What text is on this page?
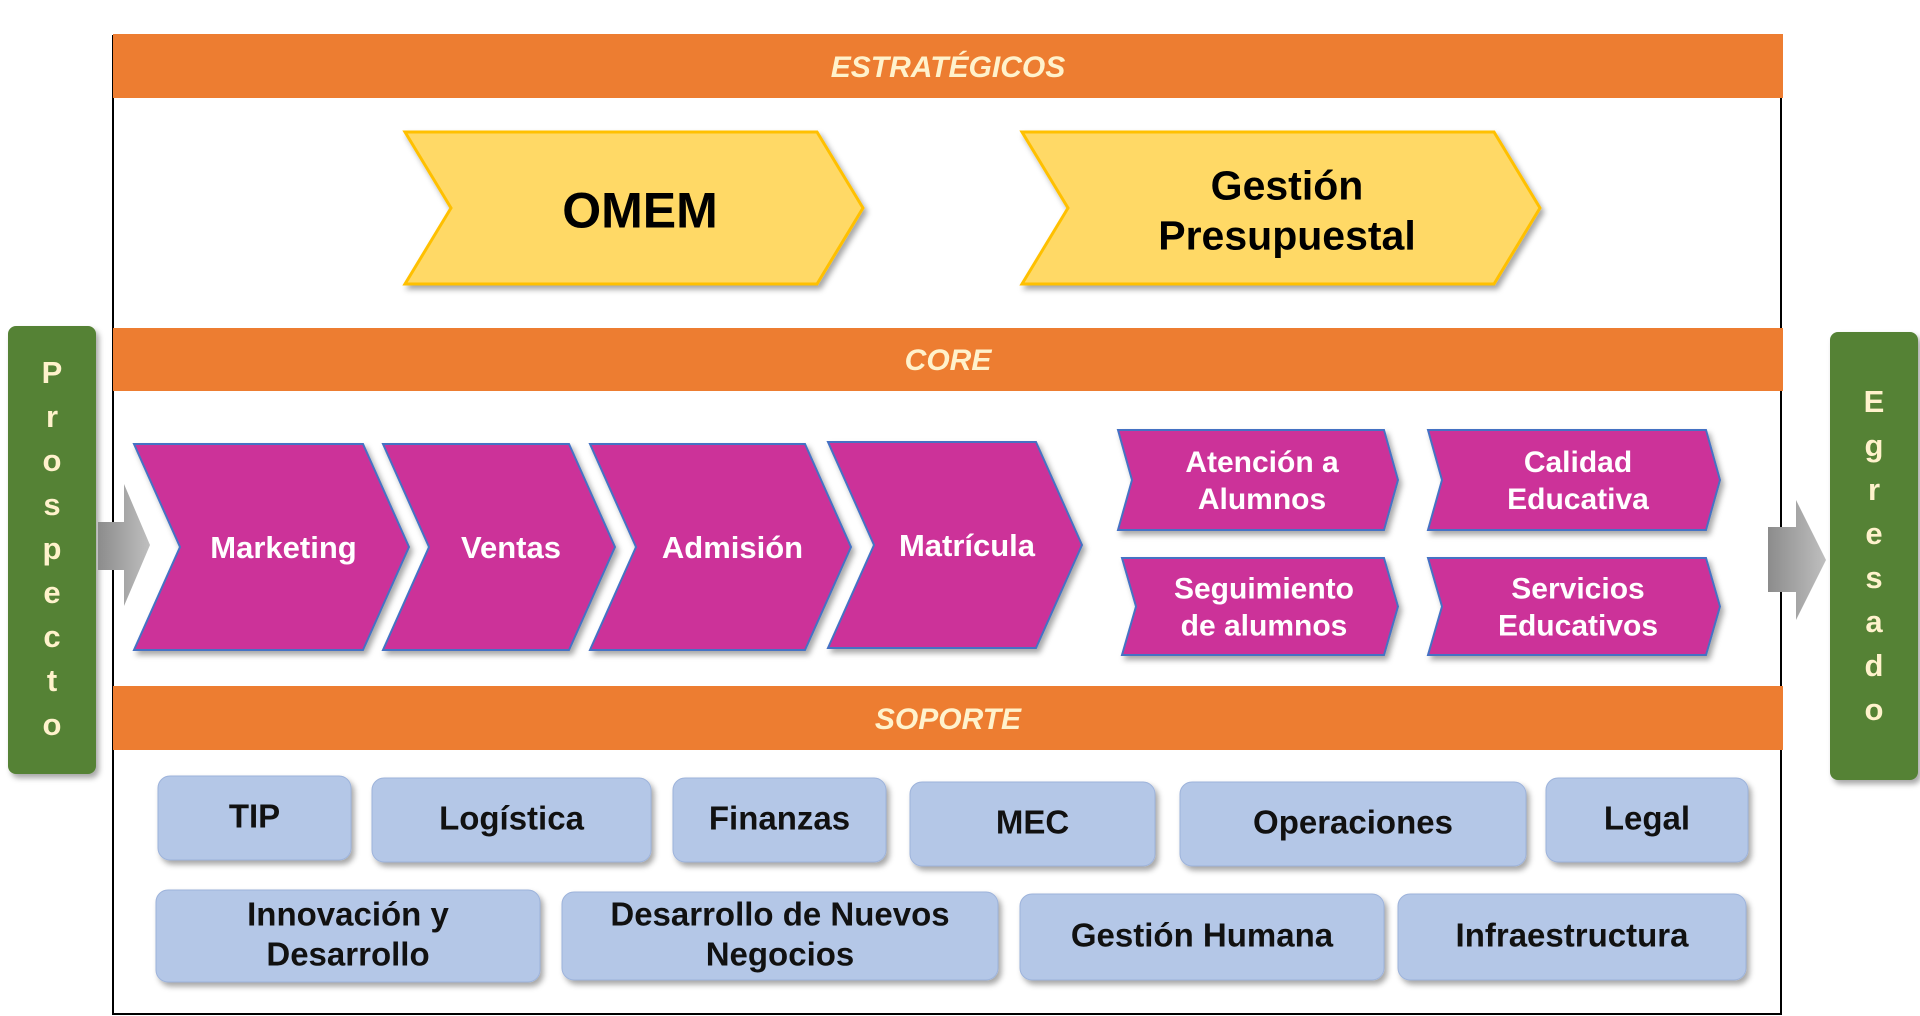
ESTRATÉGICOS
CORE
SOPORTE
P
r
o
s
p
e
c
t
o
E
g
r
e
s
a
d
o
OMEM	Gestión
Presupuestal
Marketing	Ventas	Admisión	Matrícula
Atención a
Alumnos
Calidad
Educativa
Seguimiento
de alumnos
Servicios
Educativos
TIP	Logística	Finanzas	MEC	Operaciones	Legal
Innovación y
Desarrollo
Desarrollo de Nuevos
Negocios
Gestión Humana	Infraestructura
